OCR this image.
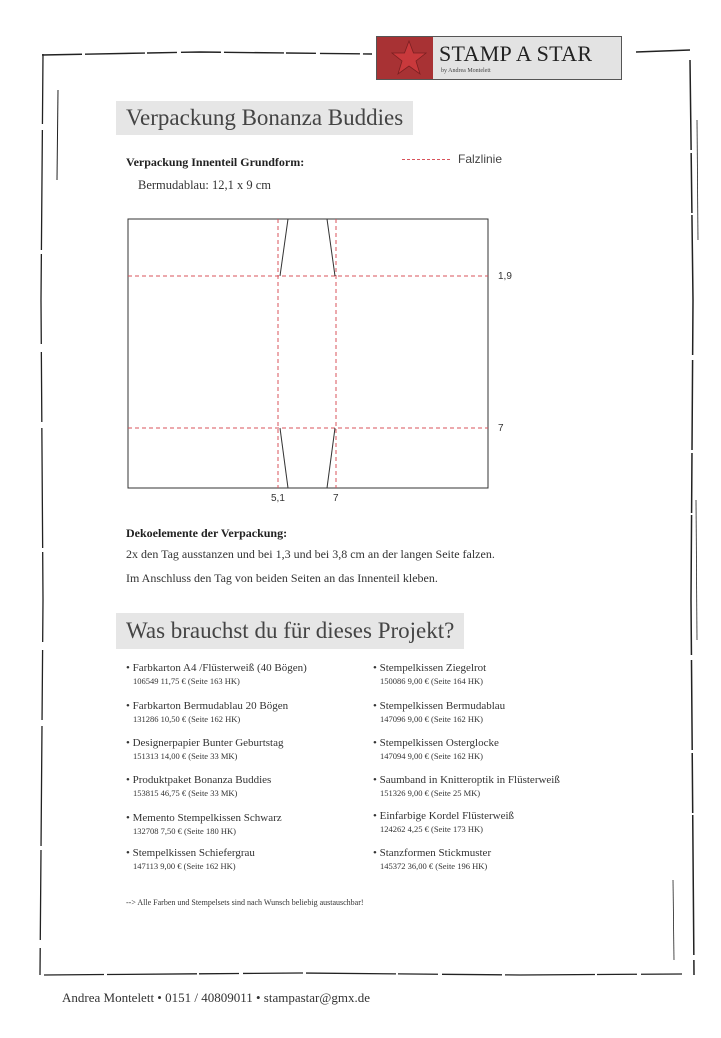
STAMP A STAR
by Andrea Montelett
Verpackung Bonanza Buddies
Verpackung Innenteil Grundform:
Bermudablau: 12,1 x 9 cm
Falzlinie
1,9
7
5,1	7
Dekoelemente der Verpackung:
2x den Tag ausstanzen und bei 1,3 und bei 3,8 cm an der langen Seite falzen.
Im Anschluss den Tag von beiden Seiten an das Innenteil kleben.
Was brauchst du für dieses Projekt?
• Farbkarton A4 /Flüsterweiß (40 Bögen)
106549 11,75 € (Seite 163 HK)
• Farbkarton Bermudablau 20 Bögen
131286 10,50 € (Seite 162 HK)
• Designerpapier Bunter Geburtstag
151313 14,00 € (Seite 33 MK)
• Produktpaket Bonanza Buddies
153815 46,75 € (Seite 33 MK)
• Memento Stempelkissen Schwarz
132708 7,50 € (Seite 180 HK)
• Stempelkissen Schiefergrau
147113 9,00 € (Seite 162 HK)
• Stempelkissen Ziegelrot
150086 9,00 € (Seite 164 HK)
• Stempelkissen Bermudablau
147096 9,00 € (Seite 162 HK)
• Stempelkissen Osterglocke
147094 9,00 € (Seite 162 HK)
• Saumband in Knitteroptik in Flüsterweiß
151326 9,00 € (Seite 25 MK)
• Einfarbige Kordel Flüsterweiß
124262 4,25 € (Seite 173 HK)
• Stanzformen Stickmuster
145372 36,00 € (Seite 196 HK)
--> Alle Farben und Stempelsets sind nach Wunsch beliebig austauschbar!
Andrea Montelett • 0151 / 40809011 • stampastar@gmx.de
